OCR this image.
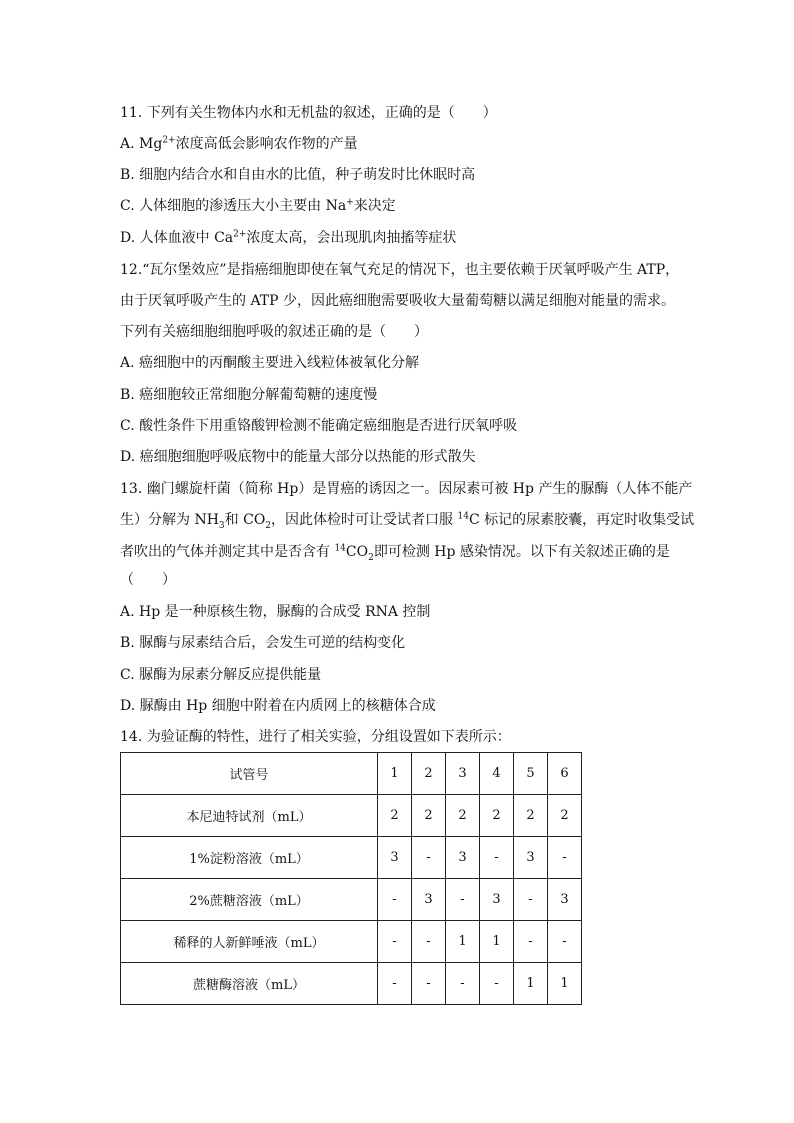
11. 下列有关生物体内水和无机盐的叙述，正确的是（　　）
A. $Mg^{2+}$浓度高低会影响农作物的产量
B. 细胞内结合水和自由水的比值，种子萌发时比休眠时高
C. 人体细胞的渗透压大小主要由 Na+来决定
D. 人体血液中 $Ca^{2+}$浓度太高，会出现肌肉抽搐等症状
12.“瓦尔堡效应”是指癌细胞即使在氧气充足的情况下，也主要依赖于厌氧呼吸产生 ATP，
由于厌氧呼吸产生的 ATP 少，因此癌细胞需要吸收大量葡萄糖以满足细胞对能量的需求。
下列有关癌细胞细胞呼吸的叙述正确的是（　　）
A. 癌细胞中的丙酮酸主要进入线粒体被氧化分解
B. 癌细胞较正常细胞分解葡萄糖的速度慢
C. 酸性条件下用重铬酸钾检测不能确定癌细胞是否进行厌氧呼吸
D. 癌细胞细胞呼吸底物中的能量大部分以热能的形式散失
13. 幽门螺旋杆菌（简称 Hp）是胃癌的诱因之一。因尿素可被 Hp 产生的脲酶（人体不能产
生）分解为 $NH_3$和 $CO_2$，因此体检时可让受试者口服 $^{14}$C 标记的尿素胶囊，再定时收集受试
者吹出的气体并测定其中是否含有 $^{14}CO_2$即可检测 Hp 感染情况。以下有关叙述正确的是
（　　）
A. Hp 是一种原核生物，脲酶的合成受 RNA 控制
B. 脲酶与尿素结合后，会发生可逆的结构变化
C. 脲酶为尿素分解反应提供能量
D. 脲酶由 Hp 细胞中附着在内质网上的核糖体合成
14. 为验证酶的特性，进行了相关实验，分组设置如下表所示：
试管号	1	2	3	4	5	6
本尼迪特试剂（mL）	2	2	2	2	2	2
1%淀粉溶液（mL）	3	-	3	-	3	-
2%蔗糖溶液（mL）	-	3	-	3	-	3
稀释的人新鲜唾液（mL）	-	-	1	1	-	-
蔗糖酶溶液（mL）	-	-	-	-	1	1
